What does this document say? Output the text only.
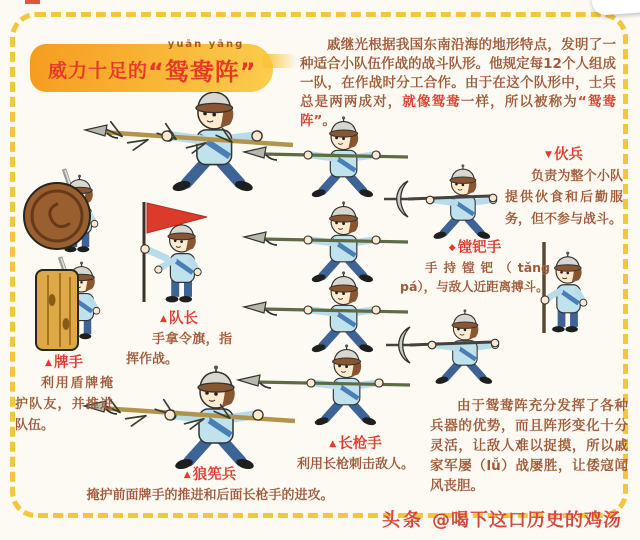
威力十足的 “
yuān yāng
鸳鸯 阵 ”
戚继光根据我国东南沿海的地形特点，发明了一种适合小队伍作战的战斗队形。他规定每12个人组成一队，在作战时分工合作。由于在这个队形中，士兵总是两两成对，就像鸳鸯一样，所以被称为“鸳鸯阵”。
▼ 伙兵
负责为整个小队提供伙食和后勤服务，但不参与战斗。
◆ 镗钯手
手持镗钯（tǎng pá），与敌人近距离搏斗。
▲ 牌手
利用盾牌掩护队友，并推进队伍。
▲ 队长
手拿令旗，指挥作战。
▲ 长枪手
利用长枪刺击敌人。
▲ 狼筅兵
掩护前面牌手的推进和后面长枪手的进攻。
由于鸳鸯阵充分发挥了各种兵器的优势，而且阵形变化十分灵活，让敌人难以捉摸，所以戚家军屡（lǚ）战屡胜，让倭寇闻风丧胆。
头条 @喝下这口历史的鸡汤
